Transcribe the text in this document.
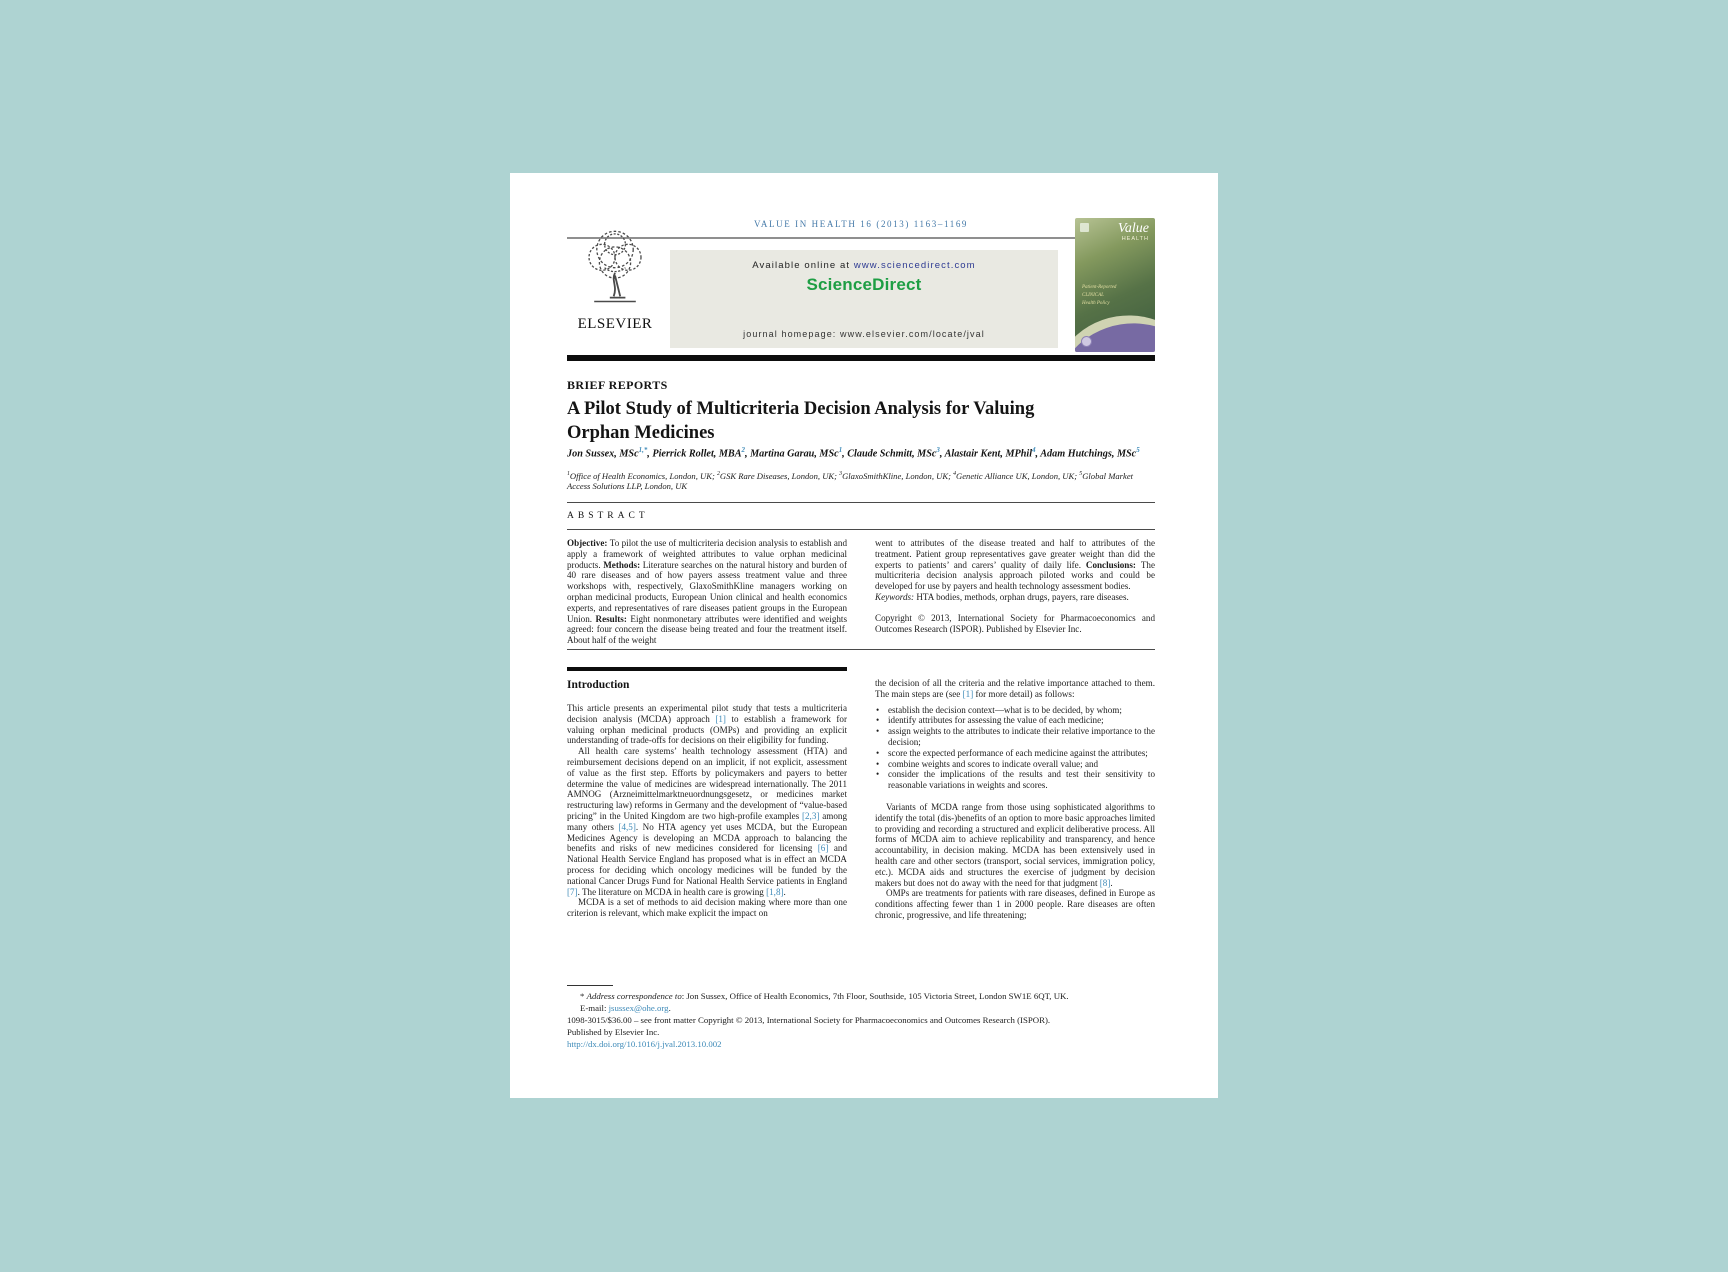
VALUE IN HEALTH 16 (2013) 1163–1169
ELSEVIER
Available online at www.sciencedirect.com
ScienceDirect
journal homepage: www.elsevier.com/locate/jval
Value
HEALTH
Patient-Reported
CLINICAL
Health Policy
BRIEF REPORTS
A Pilot Study of Multicriteria Decision Analysis for Valuing
Orphan Medicines
Jon Sussex, MSc$^{1,*}$, Pierrick Rollet, MBA$^2$, Martina Garau, MSc$^1$, Claude Schmitt, MSc$^3$, Alastair Kent, MPhil$^4$, Adam Hutchings, MSc$^5$
$^1$Office of Health Economics, London, UK; $^2$GSK Rare Diseases, London, UK; $^3$GlaxoSmithKline, London, UK; $^4$Genetic Alliance UK, London, UK; $^5$Global Market Access Solutions LLP, London, UK
ABSTRACT

Objective: To pilot the use of multicriteria decision analysis to establish and apply a framework of weighted attributes to value orphan medicinal products. Methods: Literature searches on the natural history and burden of 40 rare diseases and of how payers assess treatment value and three workshops with, respectively, GlaxoSmithKline managers working on orphan medicinal products, European Union clinical and health economics experts, and representatives of rare diseases patient groups in the European Union. Results: Eight nonmonetary attributes were identified and weights agreed: four concern the disease being treated and four the treatment itself. About half of the weight

went to attributes of the disease treated and half to attributes of the treatment. Patient group representatives gave greater weight than did the experts to patients’ and carers’ quality of daily life. Conclusions: The multicriteria decision analysis approach piloted works and could be developed for use by payers and health technology assessment bodies.

Keywords: HTA bodies, methods, orphan drugs, payers, rare diseases.

Copyright © 2013, International Society for Pharmacoeconomics and Outcomes Research (ISPOR). Published by Elsevier Inc.

Introduction

This article presents an experimental pilot study that tests a multicriteria decision analysis (MCDA) approach [1] to establish a framework for valuing orphan medicinal products (OMPs) and providing an explicit understanding of trade-offs for decisions on their eligibility for funding.

All health care systems’ health technology assessment (HTA) and reimbursement decisions depend on an implicit, if not explicit, assessment of value as the first step. Efforts by policymakers and payers to better determine the value of medicines are widespread internationally. The 2011 AMNOG (Arzneimittelmarktneuordnungsgesetz, or medicines market restructuring law) reforms in Germany and the development of “value-based pricing” in the United Kingdom are two high-profile examples [2,3] among many others [4,5]. No HTA agency yet uses MCDA, but the European Medicines Agency is developing an MCDA approach to balancing the benefits and risks of new medicines considered for licensing [6] and National Health Service England has proposed what is in effect an MCDA process for deciding which oncology medicines will be funded by the national Cancer Drugs Fund for National Health Service patients in England [7]. The literature on MCDA in health care is growing [1,8].

MCDA is a set of methods to aid decision making where more than one criterion is relevant, which make explicit the impact on

the decision of all the criteria and the relative importance attached to them. The main steps are (see [1] for more detail) as follows:

• establish the decision context—what is to be decided, by whom;
• identify attributes for assessing the value of each medicine;
• assign weights to the attributes to indicate their relative importance to the decision;
• score the expected performance of each medicine against the attributes;
• combine weights and scores to indicate overall value; and
• consider the implications of the results and test their sensitivity to reasonable variations in weights and scores.

Variants of MCDA range from those using sophisticated algorithms to identify the total (dis-)benefits of an option to more basic approaches limited to providing and recording a structured and explicit deliberative process. All forms of MCDA aim to achieve replicability and transparency, and hence accountability, in decision making. MCDA has been extensively used in health care and other sectors (transport, social services, immigration policy, etc.). MCDA aids and structures the exercise of judgment by decision makers but does not do away with the need for that judgment [8].

OMPs are treatments for patients with rare diseases, defined in Europe as conditions affecting fewer than 1 in 2000 people. Rare diseases are often chronic, progressive, and life threatening;

* Address correspondence to: Jon Sussex, Office of Health Economics, 7th Floor, Southside, 105 Victoria Street, London SW1E 6QT, UK.

E-mail: jsussex@ohe.org.

1098-3015/$36.00 – see front matter Copyright © 2013, International Society for Pharmacoeconomics and Outcomes Research (ISPOR).

Published by Elsevier Inc.

http://dx.doi.org/10.1016/j.jval.2013.10.002
